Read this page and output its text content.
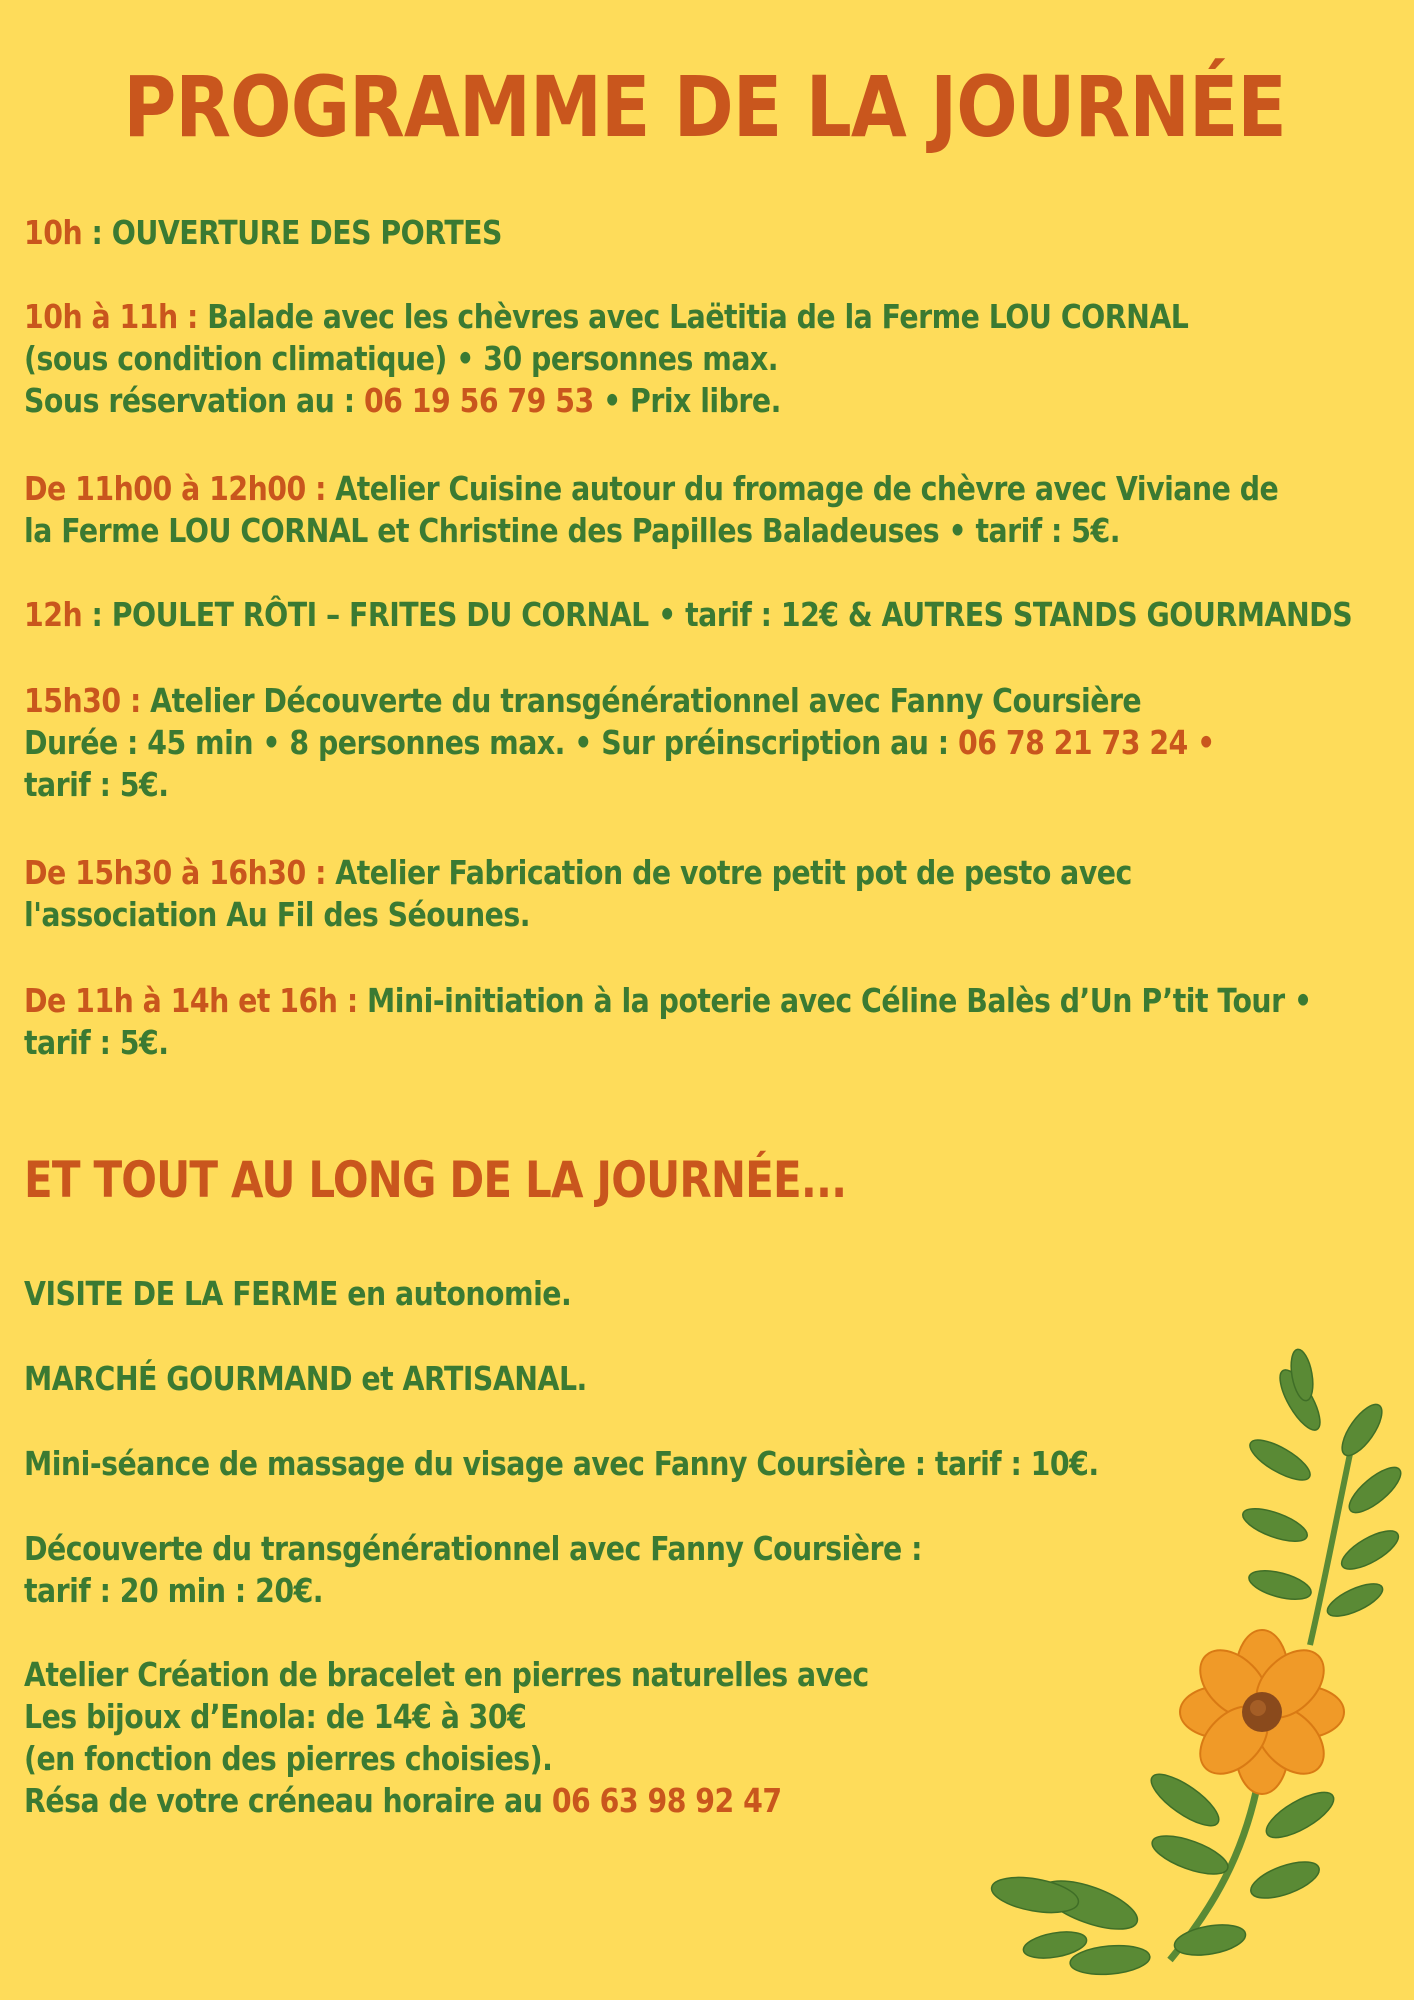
PROGRAMME DE LA JOURNÉE
10h : OUVERTURE DES PORTES
10h à 11h : Balade avec les chèvres avec Laëtitia de la Ferme LOU CORNAL
(sous condition climatique) • 30 personnes max.
Sous réservation au : 06 19 56 79 53 • Prix libre.
De 11h00 à 12h00 : Atelier Cuisine autour du fromage de chèvre avec Viviane de
la Ferme LOU CORNAL et Christine des Papilles Baladeuses • tarif : 5€.
12h : POULET RÔTI – FRITES DU CORNAL • tarif : 12€ & AUTRES STANDS GOURMANDS
15h30 : Atelier Découverte du transgénérationnel avec Fanny Coursière
Durée : 45 min • 8 personnes max. • Sur préinscription au : 06 78 21 73 24 •
tarif : 5€.
De 15h30 à 16h30 : Atelier Fabrication de votre petit pot de pesto avec
l'association Au Fil des Séounes.
De 11h à 14h et 16h : Mini-initiation à la poterie avec Céline Balès d’Un P’tit Tour •
tarif : 5€.
ET TOUT AU LONG DE LA JOURNÉE...
VISITE DE LA FERME en autonomie.
MARCHÉ GOURMAND et ARTISANAL.
Mini-séance de massage du visage avec Fanny Coursière : tarif : 10€.
Découverte du transgénérationnel avec Fanny Coursière :
tarif : 20 min : 20€.
Atelier Création de bracelet en pierres naturelles avec
Les bijoux d’Enola: de 14€ à 30€
(en fonction des pierres choisies).
Résa de votre créneau horaire au 06 63 98 92 47
